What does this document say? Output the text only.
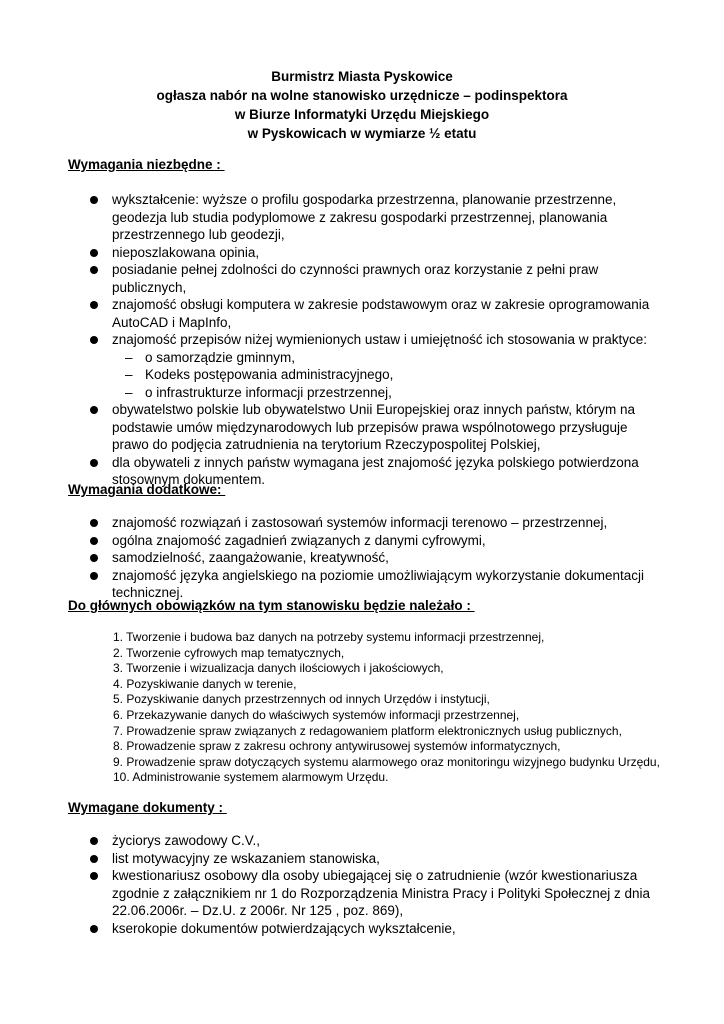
Burmistrz Miasta Pyskowice
ogłasza nabór na wolne stanowisko urzędnicze – podinspektora
w Biurze Informatyki Urzędu Miejskiego
w Pyskowicach w wymiarze ½ etatu
Wymagania niezbędne :
wykształcenie: wyższe o profilu gospodarka przestrzenna, planowanie przestrzenne, geodezja lub studia podyplomowe z zakresu gospodarki przestrzennej, planowania przestrzennego lub geodezji,
nieposzlakowana opinia,
posiadanie pełnej zdolności do czynności prawnych oraz korzystanie z pełni praw publicznych,
znajomość obsługi komputera w zakresie podstawowym oraz w zakresie oprogramowania AutoCAD i MapInfo,
znajomość przepisów niżej wymienionych ustaw i umiejętność ich stosowania w praktyce:
– o samorządzie gminnym,
– Kodeks postępowania administracyjnego,
– o infrastrukturze informacji przestrzennej,
obywatelstwo polskie lub obywatelstwo Unii Europejskiej oraz innych państw, którym na podstawie umów międzynarodowych lub przepisów prawa wspólnotowego przysługuje prawo do podjęcia zatrudnienia na terytorium Rzeczypospolitej Polskiej,
dla obywateli z innych państw wymagana jest znajomość języka polskiego potwierdzona stosownym dokumentem.
Wymagania dodatkowe:
znajomość rozwiązań i zastosowań systemów informacji terenowo – przestrzennej,
ogólna znajomość zagadnień związanych z danymi cyfrowymi,
samodzielność, zaangażowanie, kreatywność,
znajomość języka angielskiego na poziomie umożliwiającym wykorzystanie dokumentacji technicznej.
Do głównych obowiązków na tym stanowisku będzie należało :
1. Tworzenie i budowa baz danych na potrzeby systemu informacji przestrzennej,
2. Tworzenie cyfrowych map tematycznych,
3. Tworzenie i wizualizacja danych ilościowych i jakościowych,
4. Pozyskiwanie danych w terenie,
5. Pozyskiwanie danych przestrzennych od innych Urzędów i instytucji,
6. Przekazywanie danych do właściwych systemów informacji przestrzennej,
7. Prowadzenie spraw związanych z redagowaniem platform elektronicznych usług publicznych,
8. Prowadzenie spraw z zakresu ochrony antywirusowej systemów informatycznych,
9. Prowadzenie spraw dotyczących systemu alarmowego oraz monitoringu wizyjnego budynku Urzędu,
10. Administrowanie systemem alarmowym Urzędu.
Wymagane dokumenty :
życiorys zawodowy C.V.,
list motywacyjny ze wskazaniem stanowiska,
kwestionariusz osobowy dla osoby ubiegającej się o zatrudnienie (wzór kwestionariusza zgodnie z załącznikiem nr 1 do Rozporządzenia Ministra Pracy i Polityki Społecznej z dnia 22.06.2006r. – Dz.U. z 2006r. Nr 125 , poz. 869),
kserokopie dokumentów potwierdzających wykształcenie,
